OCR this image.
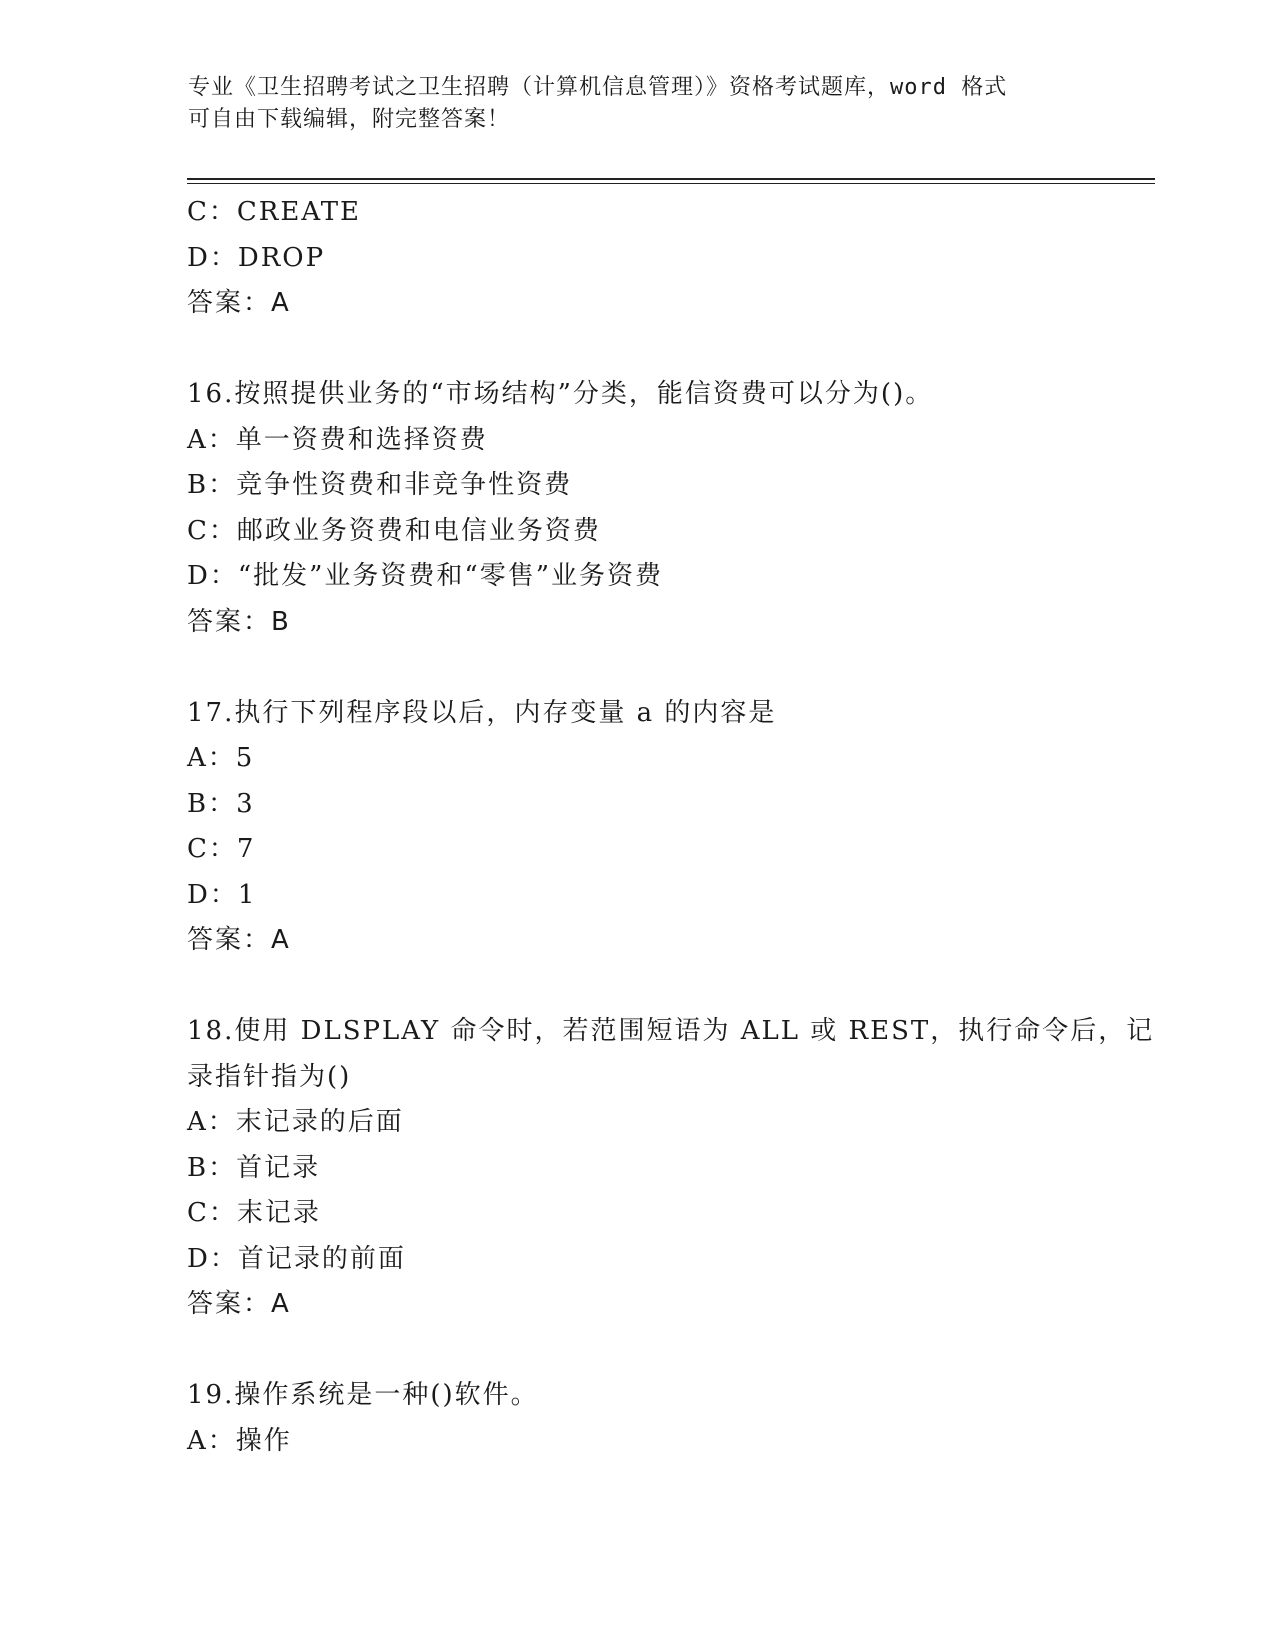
专业《卫生招聘考试之卫生招聘（计算机信息管理）》资格考试题库，word 格式
可自由下载编辑，附完整答案！
C：CREATE
D：DROP
答案：A
16.按照提供业务的“市场结构”分类，能信资费可以分为()。
A：单一资费和选择资费
B：竞争性资费和非竞争性资费
C：邮政业务资费和电信业务资费
D：“批发”业务资费和“零售”业务资费
答案：B
17.执行下列程序段以后，内存变量 a 的内容是
A：5
B：3
C：7
D：1
答案：A
18.使用 DLSPLAY 命令时，若范围短语为 ALL 或 REST，执行命令后，记
录指针指为()
A：末记录的后面
B：首记录
C：末记录
D：首记录的前面
答案：A
19.操作系统是一种()软件。
A：操作
